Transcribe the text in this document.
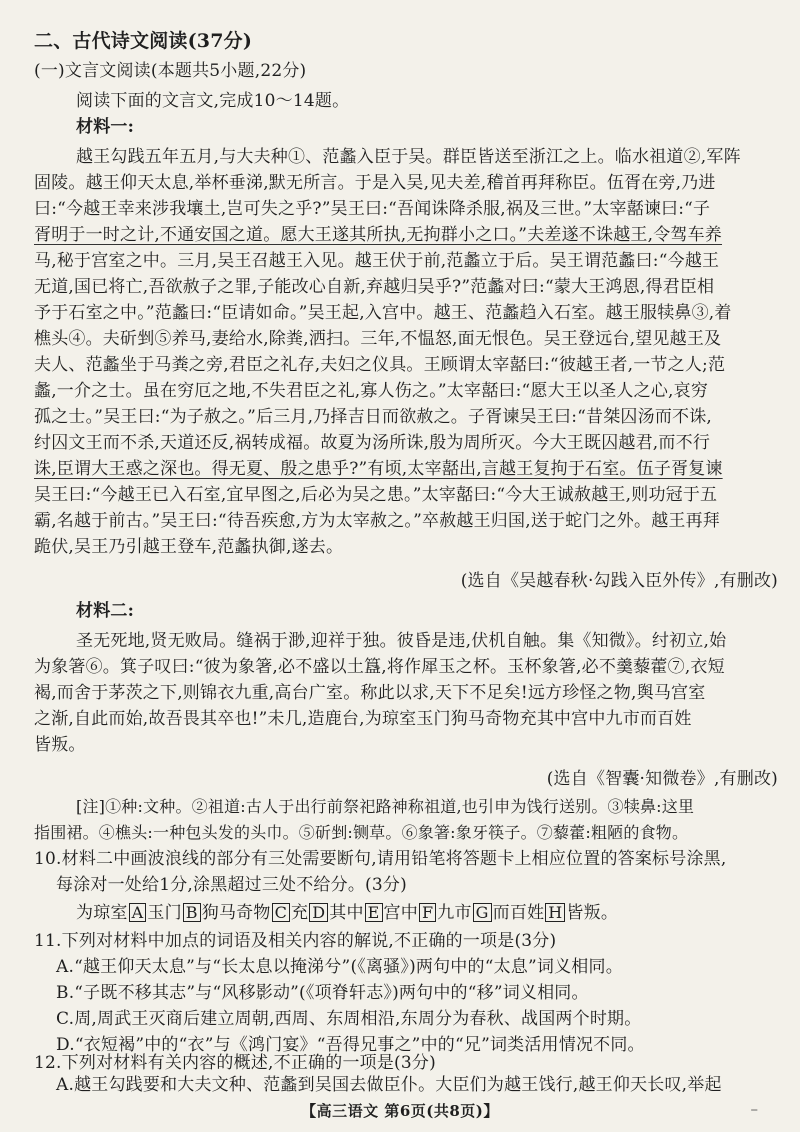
二、古代诗文阅读(37分)
(一)文言文阅读(本题共5小题,22分)
阅读下面的文言文,完成10～14题。
材料一:
越王勾践五年五月,与大夫种①、范蠡入臣于吴。群臣皆送至浙江之上。临水祖道②,军阵
固陵。越王仰天太息,举杯垂涕,默无所言。于是入吴,见夫差,稽首再拜称臣。伍胥在旁,乃进
曰:“今越王幸来涉我壤土,岂可失之乎?”吴王曰:“吾闻诛降杀服,祸及三世。”太宰嚭谏曰:“子
胥明于一时之计,不通安国之道。愿大王遂其所执,无拘群小之口。”夫差遂不诛越王,令驾车养
马,秘于宫室之中。三月,吴王召越王入见。越王伏于前,范蠡立于后。吴王谓范蠡曰:“今越王
无道,国已将亡,吾欲赦子之罪,子能改心自新,弃越归吴乎?”范蠡对曰:“蒙大王鸿恩,得君臣相
予于石室之中。”范蠡曰:“臣请如命。”吴王起,入宫中。越王、范蠡趋入石室。越王服犊鼻③,着
樵头④。夫斫剉⑤养马,妻给水,除粪,洒扫。三年,不愠怒,面无恨色。吴王登远台,望见越王及
夫人、范蠡坐于马粪之旁,君臣之礼存,夫妇之仪具。王顾谓太宰嚭曰:“彼越王者,一节之人;范
蠡,一介之士。虽在穷厄之地,不失君臣之礼,寡人伤之。”太宰嚭曰:“愿大王以圣人之心,哀穷
孤之士。”吴王曰:“为子赦之。”后三月,乃择吉日而欲赦之。子胥谏吴王曰:“昔桀囚汤而不诛,
纣囚文王而不杀,天道还反,祸转成福。故夏为汤所诛,殷为周所灭。今大王既囚越君,而不行
诛,臣谓大王惑之深也。得无夏、殷之患乎?”有顷,太宰嚭出,言越王复拘于石室。伍子胥复谏
吴王曰:“今越王已入石室,宜早图之,后必为吴之患。”太宰嚭曰:“今大王诚赦越王,则功冠于五
霸,名越于前古。”吴王曰:“待吾疾愈,方为太宰赦之。”卒赦越王归国,送于蛇门之外。越王再拜
跪伏,吴王乃引越王登车,范蠡执御,遂去。
(选自《吴越春秋·勾践入臣外传》,有删改)
材料二:
圣无死地,贤无败局。缝祸于渺,迎祥于独。彼昏是违,伏机自触。集《知微》。纣初立,始
为象箸⑥。箕子叹曰:“彼为象箸,必不盛以土簋,将作犀玉之杯。玉杯象箸,必不羹藜藿⑦,衣短
褐,而舍于茅茨之下,则锦衣九重,高台广室。称此以求,天下不足矣!远方珍怪之物,舆马宫室
之渐,自此而始,故吾畏其卒也!”未几,造鹿台,为琼室玉门狗马奇物充其中宫中九市而百姓
皆叛。
(选自《智囊·知微卷》,有删改)
[注]①种:文种。②祖道:古人于出行前祭祀路神称祖道,也引申为饯行送别。③犊鼻:这里
指围裙。④樵头:一种包头发的头巾。⑤斫剉:铡草。⑥象箸:象牙筷子。⑦藜藿:粗陋的食物。
10.材料二中画波浪线的部分有三处需要断句,请用铅笔将答题卡上相应位置的答案标号涂黑,
每涂对一处给1分,涂黑超过三处不给分。(3分)
为琼室 A 玉门 B 狗马奇物 C 充 D 其中 E 宫中 F 九市 G 而百姓 H 皆叛。
11.下列对材料中加点的词语及相关内容的解说,不正确的一项是(3分)
A.“越王仰天太息”与“长太息以掩涕兮”(《离骚》)两句中的“太息”词义相同。
B.“子既不移其志”与“风移影动”(《项脊轩志》)两句中的“移”词义相同。
C.周,周武王灭商后建立周朝,西周、东周相沿,东周分为春秋、战国两个时期。
D.“衣短褐”中的“衣”与《鸿门宴》“吾得兄事之”中的“兄”词类活用情况不同。
12.下列对材料有关内容的概述,不正确的一项是(3分)
A.越王勾践要和大夫文种、范蠡到吴国去做臣仆。大臣们为越王饯行,越王仰天长叹,举起
【高三语文 第6页(共8页)】	–
